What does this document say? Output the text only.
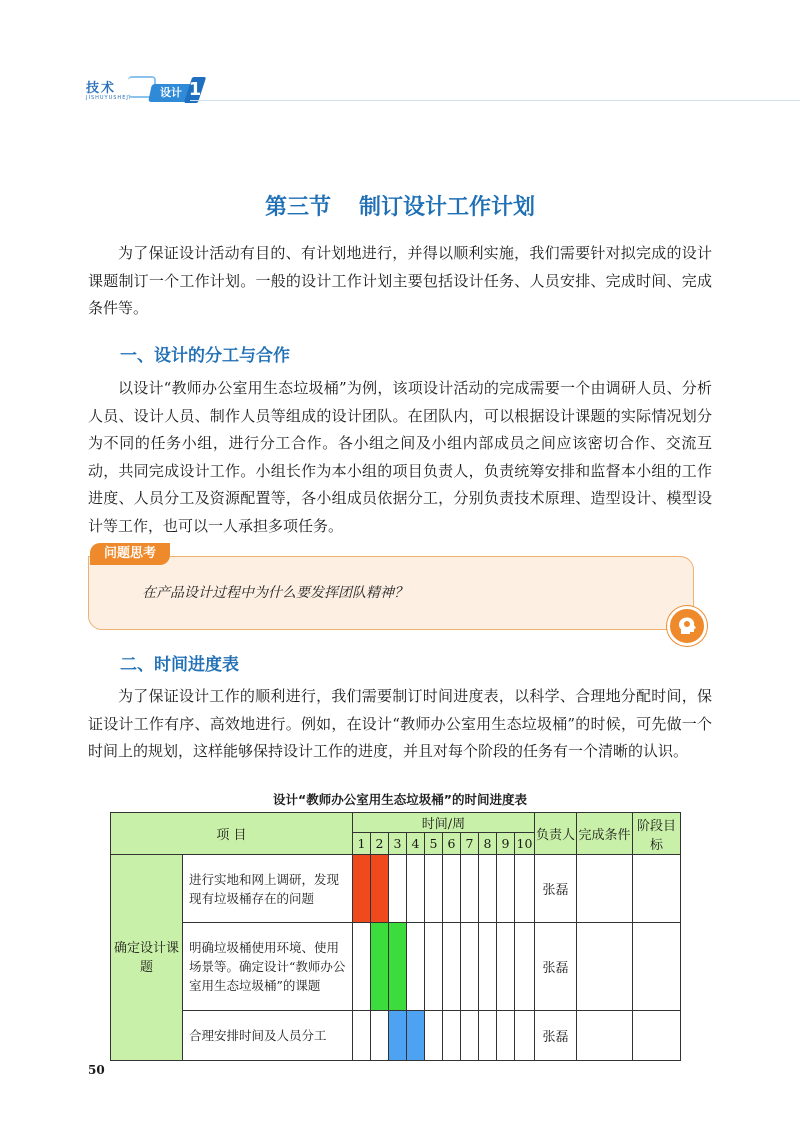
技术
JISHUYUSHEJI	设计 1
第三节 制订设计工作计划
为了保证设计活动有目的、有计划地进行，并得以顺利实施，我们需要针对拟完成的设计课题制订一个工作计划。一般的设计工作计划主要包括设计任务、人员安排、完成时间、完成条件等。
一、设计的分工与合作
以设计“教师办公室用生态垃圾桶”为例，该项设计活动的完成需要一个由调研人员、分析人员、设计人员、制作人员等组成的设计团队。在团队内，可以根据设计课题的实际情况划分为不同的任务小组，进行分工合作。各小组之间及小组内部成员之间应该密切合作、交流互动，共同完成设计工作。小组长作为本小组的项目负责人，负责统筹安排和监督本小组的工作进度、人员分工及资源配置等，各小组成员依据分工，分别负责技术原理、造型设计、模型设计等工作，也可以一人承担多项任务。
问题思考
在产品设计过程中为什么要发挥团队精神？
二、时间进度表
为了保证设计工作的顺利进行，我们需要制订时间进度表，以科学、合理地分配时间，保证设计工作有序、高效地进行。例如，在设计“教师办公室用生态垃圾桶”的时候，可先做一个时间上的规划，这样能够保持设计工作的进度，并且对每个阶段的任务有一个清晰的认识。
设计“教师办公室用生态垃圾桶”的时间进度表
项 目		时间/周										负责人	完成条件	阶段目标
		1	2	3	4	5	6	7	8	9	10			
确定设计课题	进行实地和网上调研，发现现有垃圾桶存在的问题											张磊		
	明确垃圾桶使用环境、使用场景等。确定设计“教师办公室用生态垃圾桶”的课题											张磊		
	合理安排时间及人员分工											张磊		
50
